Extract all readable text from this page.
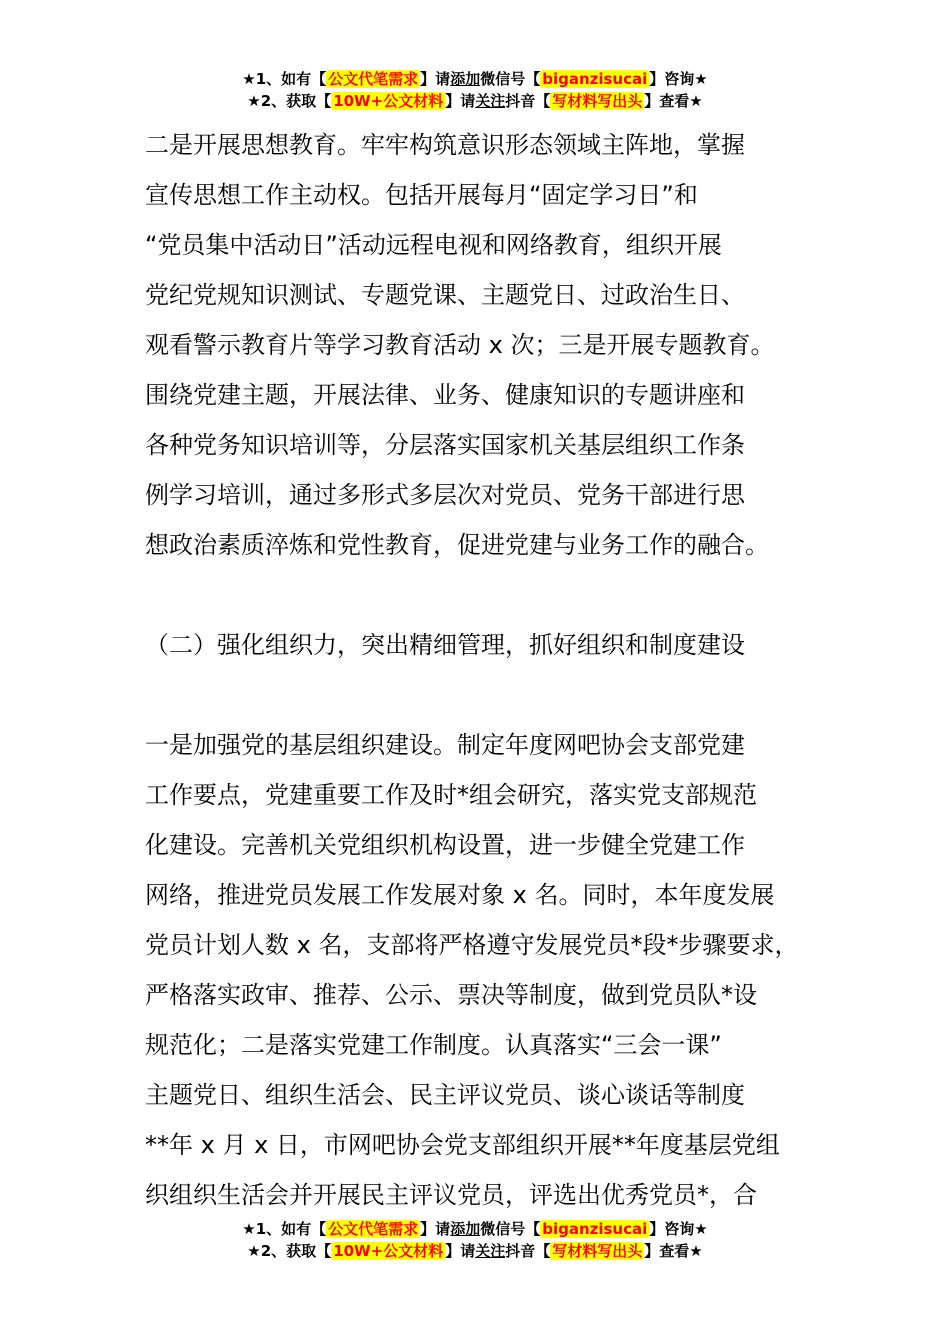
★1、如有【 公文代笔需求 】请添加微信号【 biganzisucai 】咨询★
★2、获取【 10W+公文材料 】请关注抖音【 写材料写出头 】查看★
二是开展思想教育。牢牢构筑意识形态领域主阵地，掌握
宣传思想工作主动权。包括开展每月“固定学习日”和
“党员集中活动日”活动远程电视和网络教育，组织开展
党纪党规知识测试、专题党课、主题党日、过政治生日、
观看警示教育片等学习教育活动 x 次；三是开展专题教育。
围绕党建主题，开展法律、业务、健康知识的专题讲座和
各种党务知识培训等，分层落实国家机关基层组织工作条
例学习培训，通过多形式多层次对党员、党务干部进行思
想政治素质淬炼和党性教育，促进党建与业务工作的融合。
（二）强化组织力，突出精细管理，抓好组织和制度建设
一是加强党的基层组织建设。制定年度网吧协会支部党建
工作要点，党建重要工作及时*组会研究，落实党支部规范
化建设。完善机关党组织机构设置，进一步健全党建工作
网络，推进党员发展工作发展对象 x 名。同时，本年度发展
党员计划人数 x 名，支部将严格遵守发展党员*段*步骤要求，
严格落实政审、推荐、公示、票决等制度，做到党员队*设
规范化；二是落实党建工作制度。认真落实“三会一课”
主题党日、组织生活会、民主评议党员、谈心谈话等制度
**年 x 月 x 日，市网吧协会党支部组织开展**年度基层党组
织组织生活会并开展民主评议党员，评选出优秀党员*，合
★1、如有【 公文代笔需求 】请添加微信号【 biganzisucai 】咨询★
★2、获取【 10W+公文材料 】请关注抖音【 写材料写出头 】查看★
